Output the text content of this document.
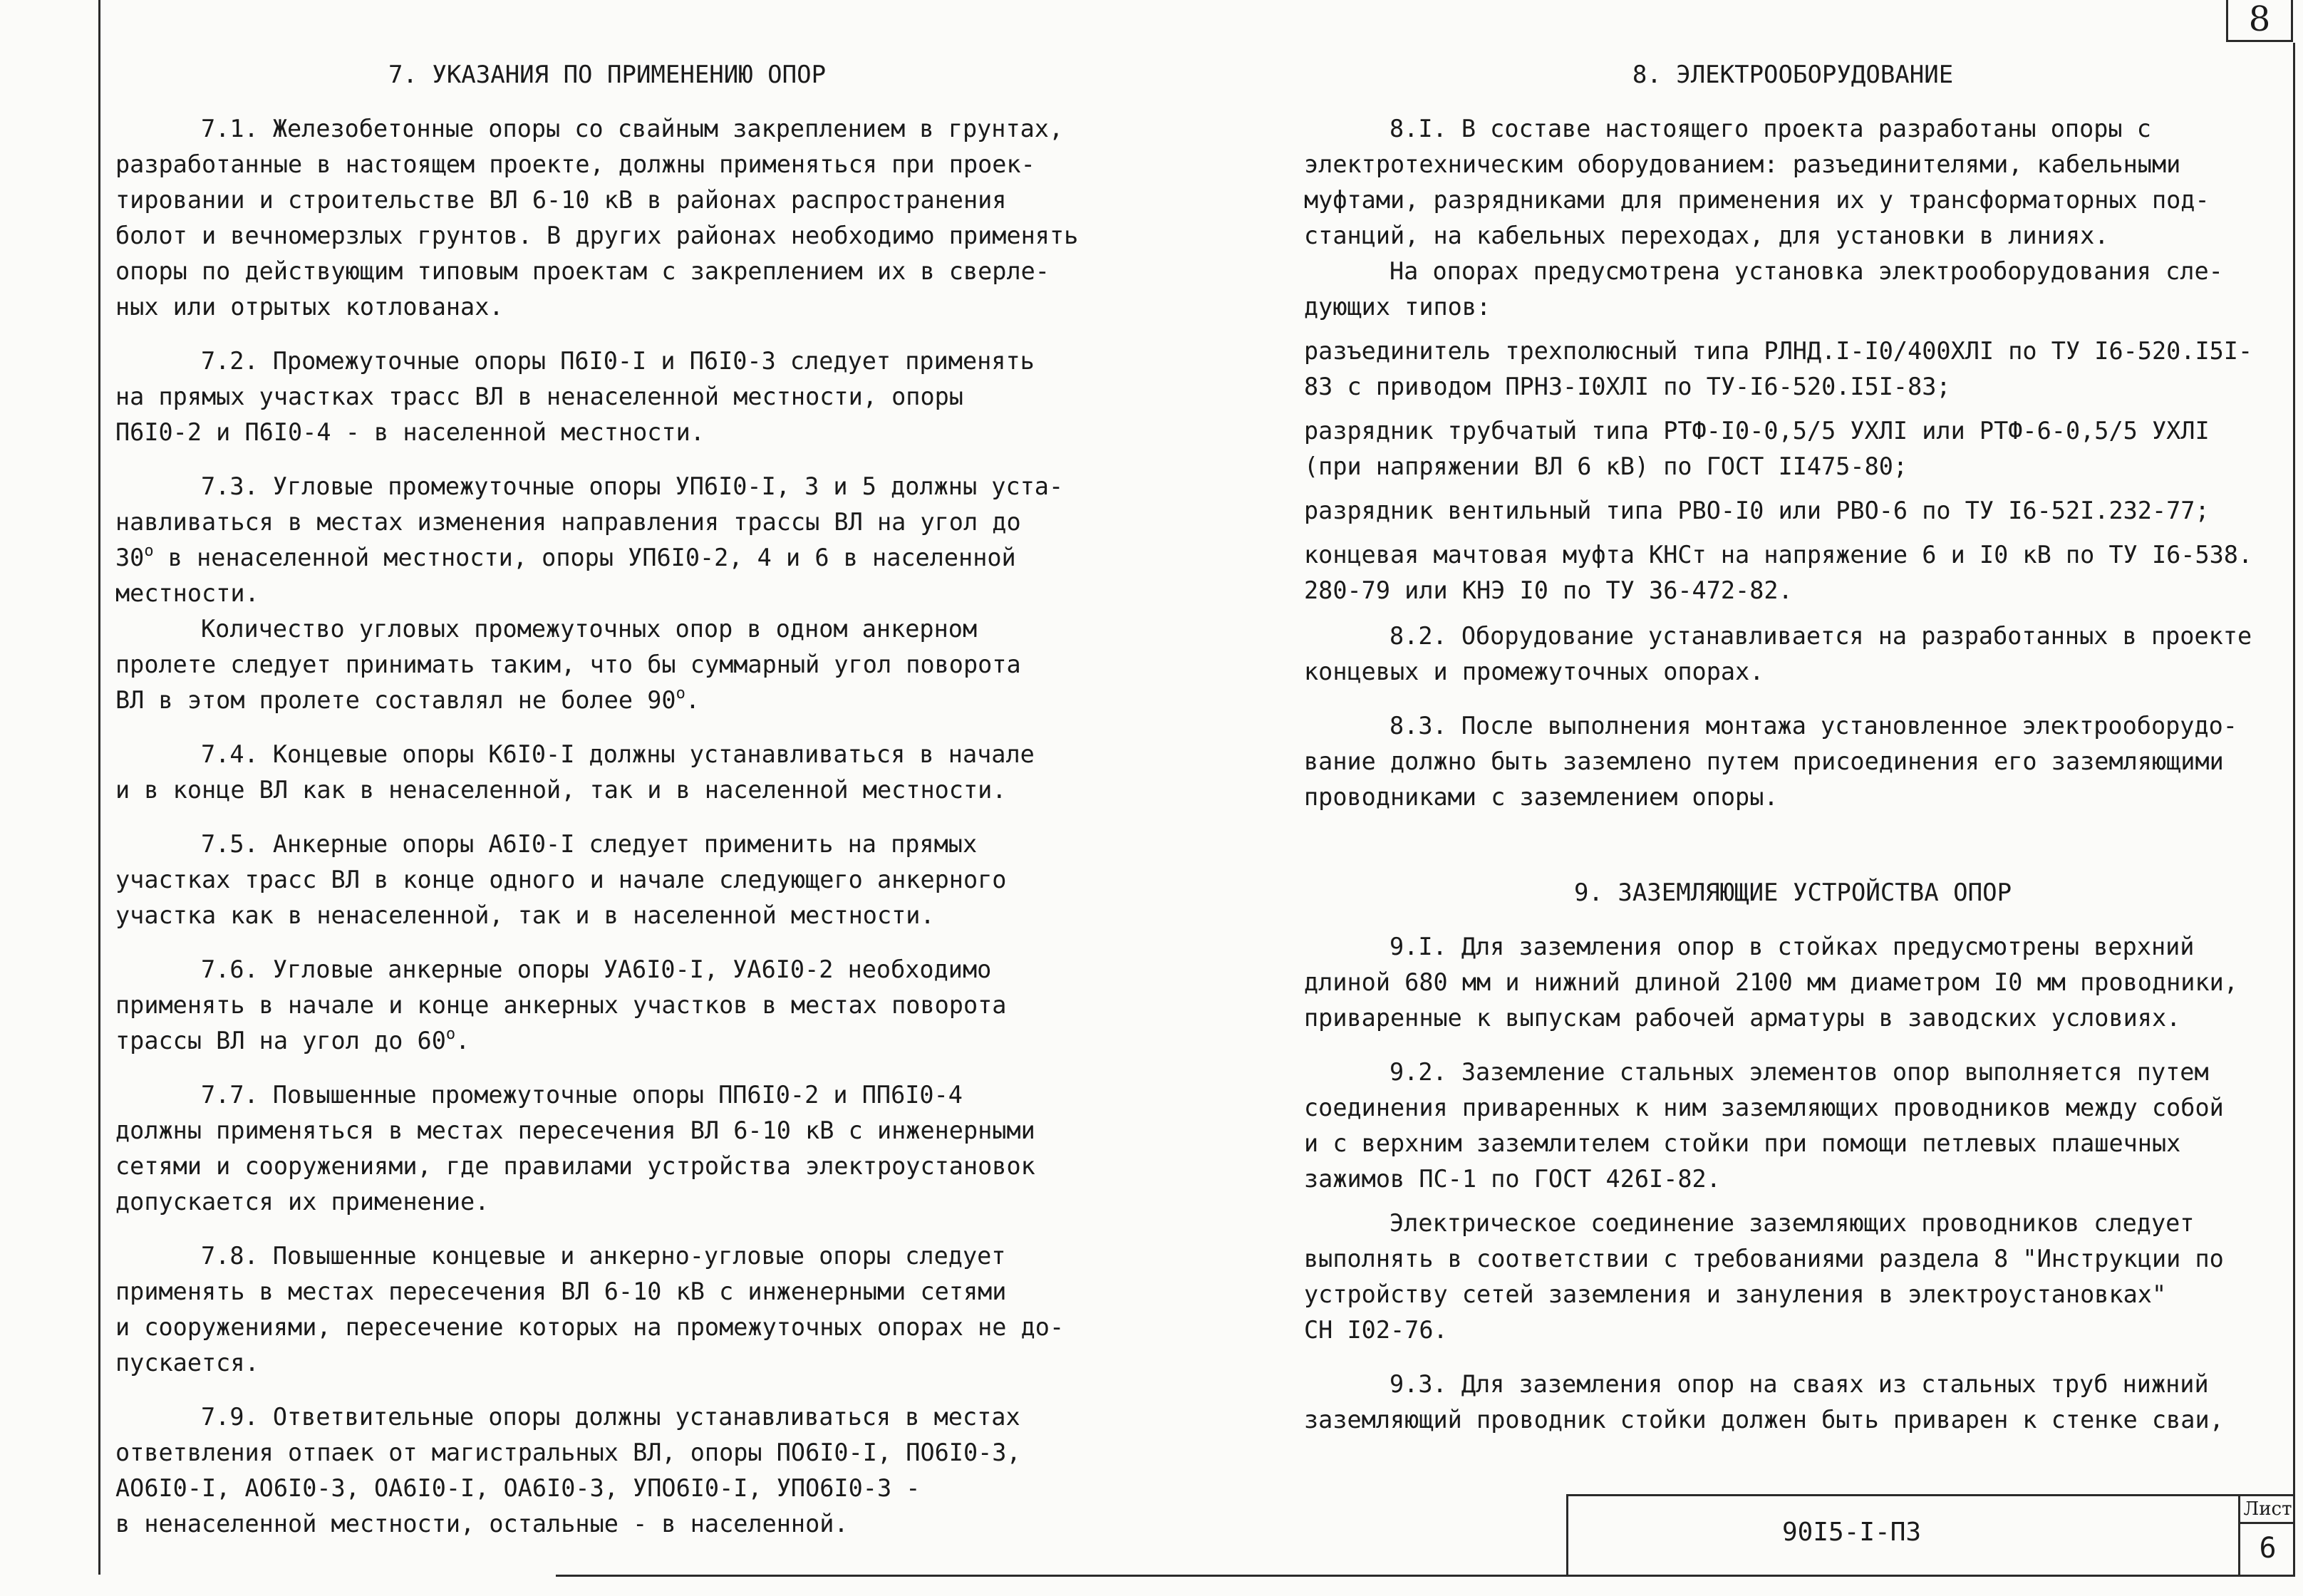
8

7. УКАЗАНИЯ ПО ПРИМЕНЕНИЮ ОПОР

7.1. Железобетонные опоры со свайным закреплением в грунтах,
разработанные в настоящем проекте, должны применяться при проек-
тировании и строительстве ВЛ 6-10 кВ в районах распространения
болот и вечномерзлых грунтов. В других районах необходимо применять
опоры по действующим типовым проектам с закреплением их в сверле-
ных или отрытых котлованах.

7.2. Промежуточные опоры П6I0-I и П6I0-3 следует применять
на прямых участках трасс ВЛ в ненаселенной местности, опоры
П6I0-2 и П6I0-4 - в населенной местности.

7.3. Угловые промежуточные опоры УП6I0-I, 3 и 5 должны уста-
навливаться в местах изменения направления трассы ВЛ на угол до
30$^o$ в ненаселенной местности, опоры УП6I0-2, 4 и 6 в населенной
местности.

Количество угловых промежуточных опор в одном анкерном
пролете следует принимать таким, что бы суммарный угол поворота
ВЛ в этом пролете составлял не более 90$^o$.

7.4. Концевые опоры К6I0-I должны устанавливаться в начале
и в конце ВЛ как в ненаселенной, так и в населенной местности.

7.5. Анкерные опоры А6I0-I следует применить на прямых
участках трасс ВЛ в конце одного и начале следующего анкерного
участка как в ненаселенной, так и в населенной местности.

7.6. Угловые анкерные опоры УА6I0-I, УА6I0-2 необходимо
применять в начале и конце анкерных участков в местах поворота
трассы ВЛ на угол до 60$^o$.

7.7. Повышенные промежуточные опоры ПП6I0-2 и ПП6I0-4
должны применяться в местах пересечения ВЛ 6-10 кВ с инженерными
сетями и сооружениями, где правилами устройства электроустановок
допускается их применение.

7.8. Повышенные концевые и анкерно-угловые опоры следует
применять в местах пересечения ВЛ 6-10 кВ с инженерными сетями
и сооружениями, пересечение которых на промежуточных опорах не до-
пускается.

7.9. Ответвительные опоры должны устанавливаться в местах
ответвления отпаек от магистральных ВЛ, опоры ПО6I0-I, ПО6I0-3,
АО6I0-I, АО6I0-3, ОА6I0-I, ОА6I0-3, УПО6I0-I, УПО6I0-3 -
в ненаселенной местности, остальные - в населенной.

8. ЭЛЕКТРООБОРУДОВАНИЕ

8.I. В составе настоящего проекта разработаны опоры с
электротехническим оборудованием: разъединителями, кабельными
муфтами, разрядниками для применения их у трансформаторных под-
станций, на кабельных переходах, для установки в линиях.

На опорах предусмотрена установка электрооборудования сле-
дующих типов:

разъединитель трехполюсный типа РЛНД.I-I0/400ХЛI по ТУ I6-520.I5I-
83 с приводом ПРНЗ-I0ХЛI по ТУ-I6-520.I5I-83;

разрядник трубчатый типа РТФ-I0-0,5/5 УХЛI или РТФ-6-0,5/5 УХЛI
(при напряжении ВЛ 6 кВ) по ГОСТ II475-80;

разрядник вентильный типа РВО-I0 или РВО-6 по ТУ I6-52I.232-77;

концевая мачтовая муфта КНСт на напряжение 6 и I0 кВ по ТУ I6-538.
280-79 или КНЭ I0 по ТУ 36-472-82.

8.2. Оборудование устанавливается на разработанных в проекте
концевых и промежуточных опорах.

8.3. После выполнения монтажа установленное электрооборудо-
вание должно быть заземлено путем присоединения его заземляющими
проводниками с заземлением опоры.

9. ЗАЗЕМЛЯЮЩИЕ УСТРОЙСТВА ОПОР

9.I. Для заземления опор в стойках предусмотрены верхний
длиной 680 мм и нижний длиной 2100 мм диаметром I0 мм проводники,
приваренные к выпускам рабочей арматуры в заводских условиях.

9.2. Заземление стальных элементов опор выполняется путем
соединения приваренных к ним заземляющих проводников между собой
и с верхним заземлителем стойки при помощи петлевых плашечных
зажимов ПС-1 по ГОСТ 426I-82.

Электрическое соединение заземляющих проводников следует
выполнять в соответствии с требованиями раздела 8 "Инструкции по
устройству сетей заземления и зануления в электроустановках"
СН I02-76.

9.3. Для заземления опор на сваях из стальных труб нижний
заземляющий проводник стойки должен быть приварен к стенке сваи,

90I5-I-ПЗ
Лист
6
